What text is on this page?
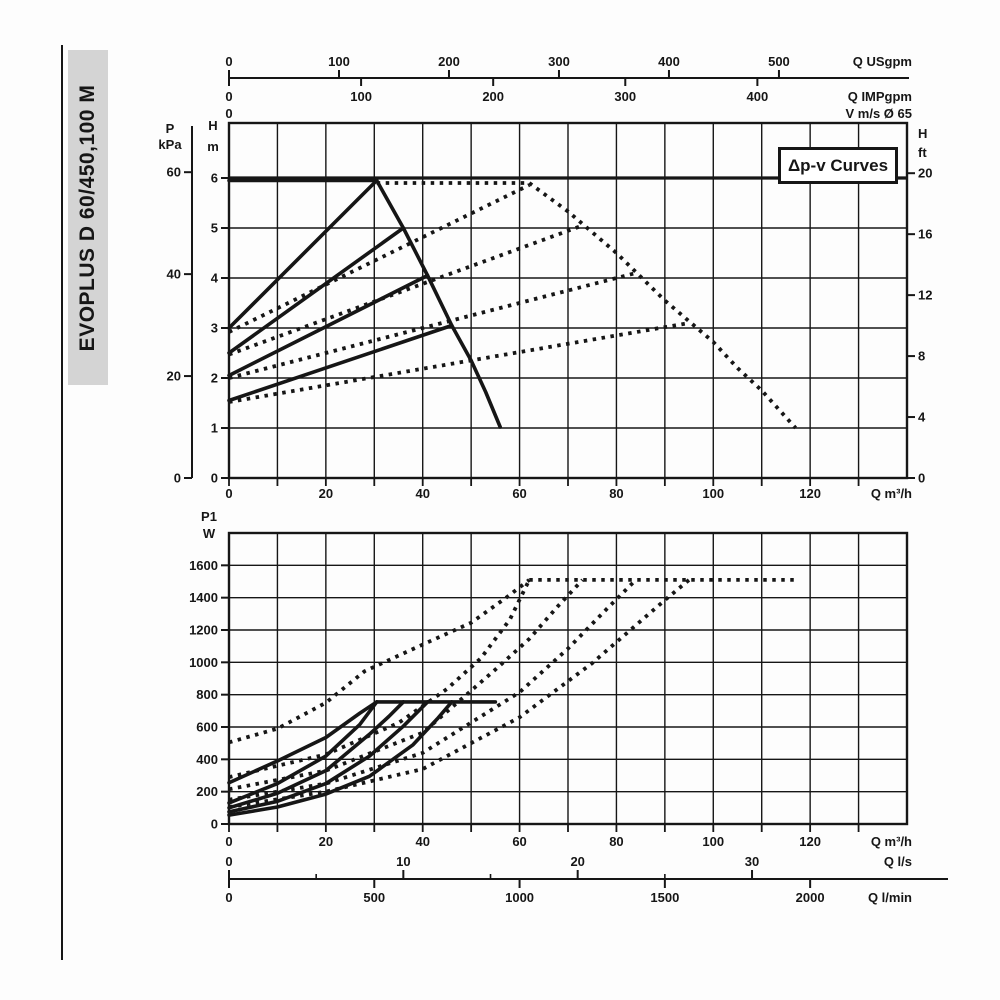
EVOPLUS D 60/450,100 M	6
5
4
3
2
1
0
H
m
60
40
20
0
P
kPa
20
16
12
8
4
0
H
ft
0	100	200	300	400	500	Q USgpm
0	100	200	300	400	Q IMPgpm
0	V m/s Ø 65
0	20	40	60	80	100	120	Q m³/h
1600
1400
1200
1000
800
600
400
200
0
P1
W
0	20	40	60	80	100	120	Q m³/h
0	10	20	30	Q l/s
0	500	1000	1500	2000	Q l/min
Δp-v Curves
